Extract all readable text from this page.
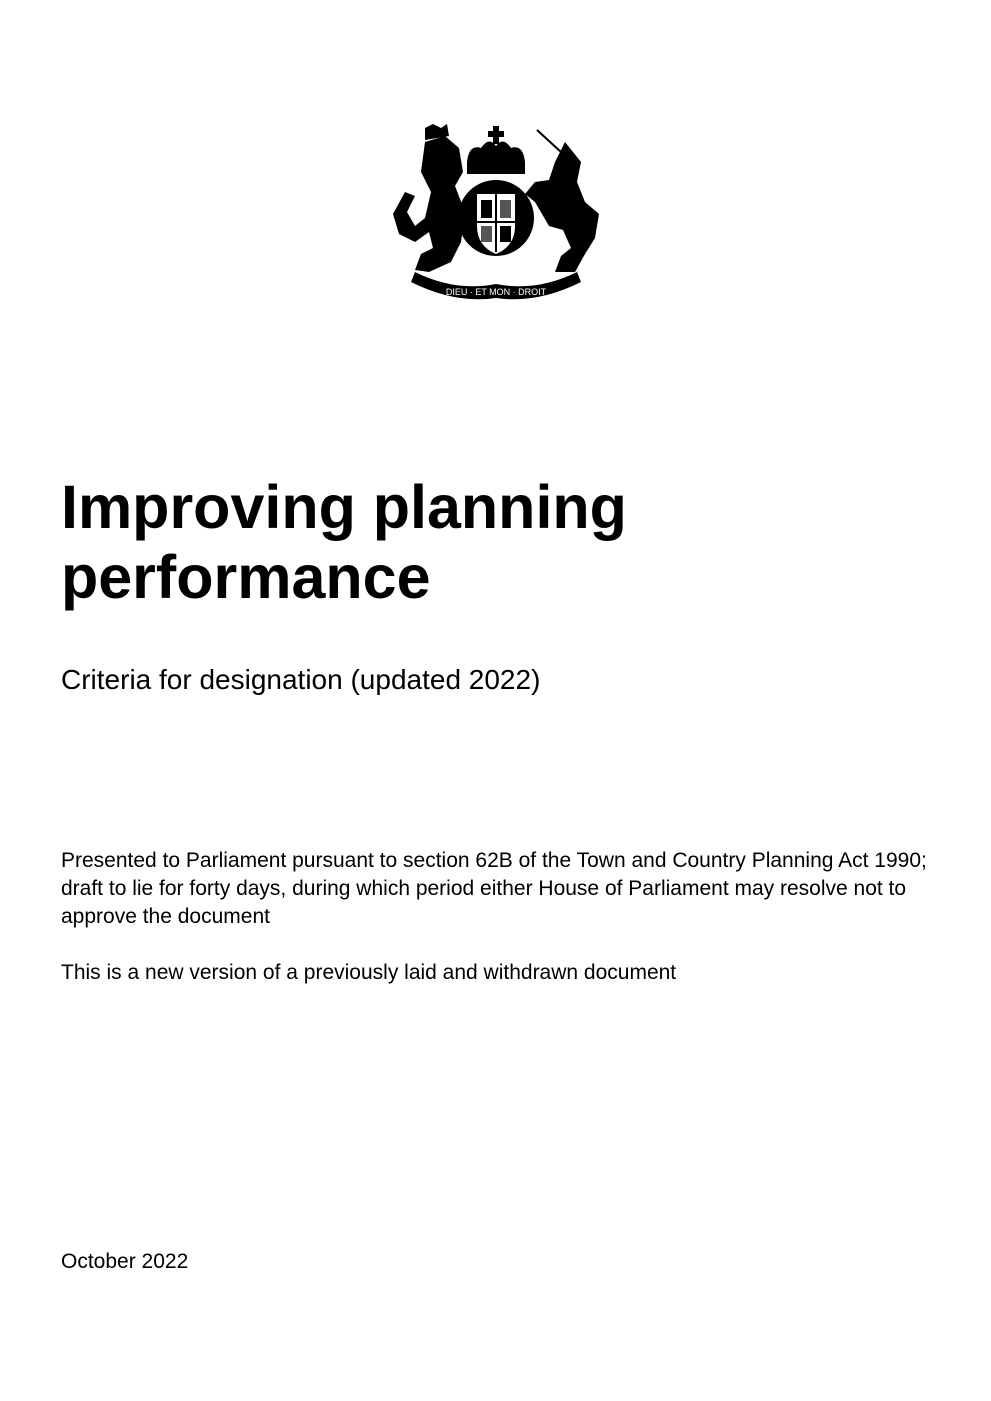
DIEU · ET MON · DROIT
Improving planning performance

Criteria for designation (updated 2022)

Presented to Parliament pursuant to section 62B of the Town and Country Planning Act 1990; draft to lie for forty days, during which period either House of Parliament may resolve not to approve the document

This is a new version of a previously laid and withdrawn document

October 2022
